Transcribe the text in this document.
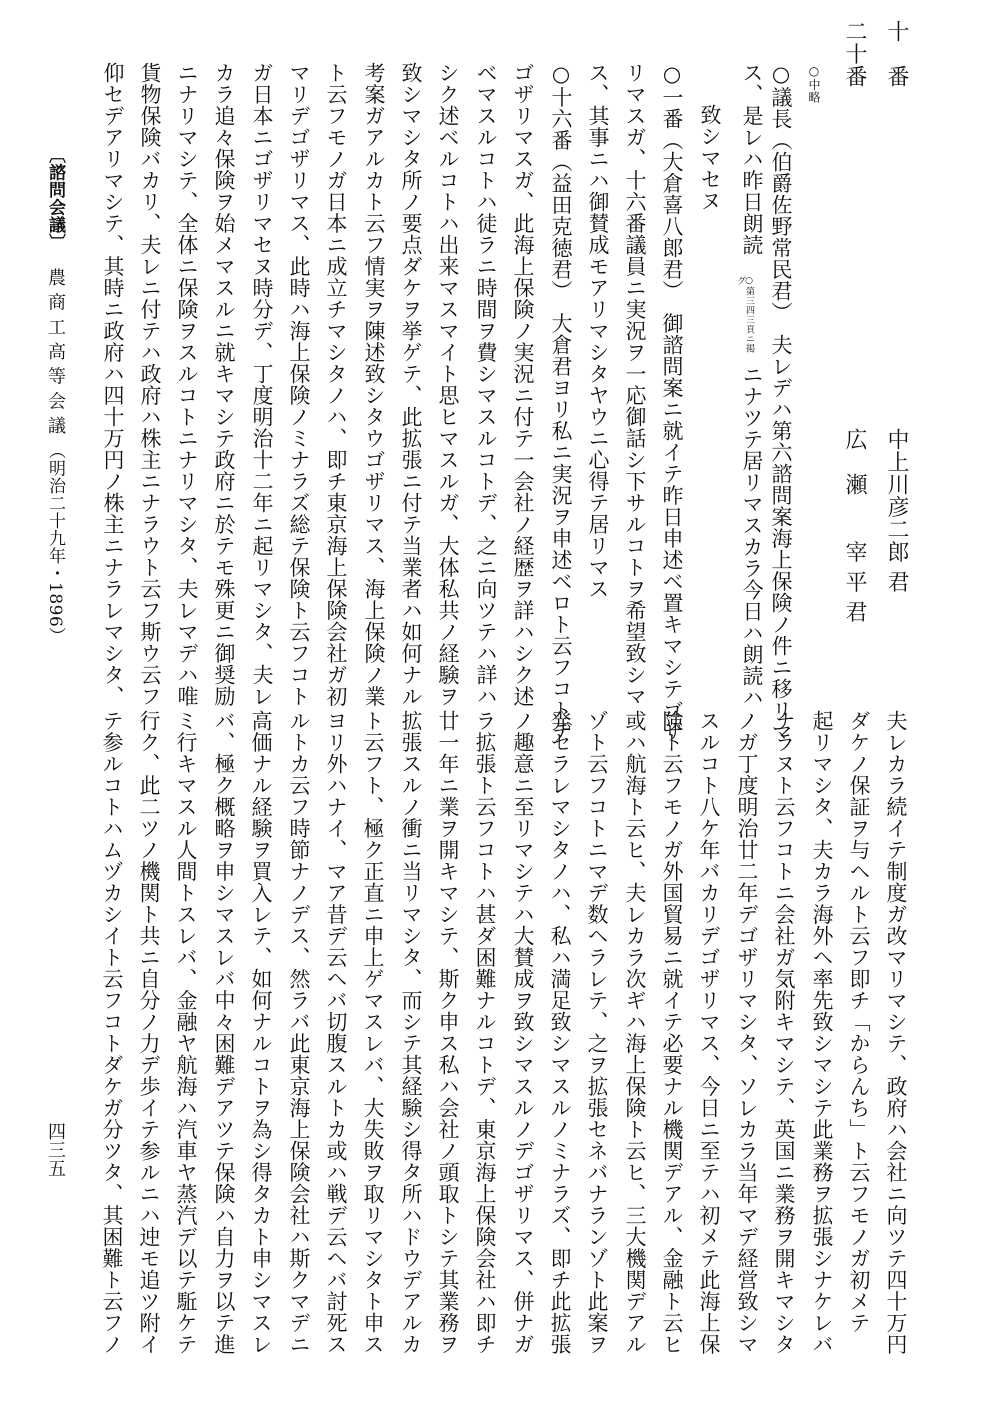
十　番
中上川彦二郎 君
二十番
広　瀬　　宰 平 君
○中略
○議長（伯爵佐野常民君）　夫レデハ第六諮問案海上保険ノ件ニ移リマ
ス、是レハ昨日朗読
○第三四三頁ニ掲グ
ニナツテ居リマスカラ今日ハ朗読ハ
致シマセヌ
○一番（大倉喜八郎君）　御諮問案ニ就イテ昨日申述ベ置キマシテゴザ
リマスガ、十六番議員ニ実況ヲ一応御話シ下サルコトヲ希望致シマ
ス、其事ニハ御賛成モアリマシタヤウニ心得テ居リマス
○十六番（益田克徳君）　大倉君ヨリ私ニ実況ヲ申述ベロト云フコトデ
ゴザリマスガ、此海上保険ノ実況ニ付テ一会社ノ経歴ヲ詳ハシク述
ベマスルコトハ徒ラニ時間ヲ費シマスルコトデ、之ニ向ツテハ詳ハ
シク述ベルコトハ出来マスマイト思ヒマスルガ、大体私共ノ経験ヲ
致シマシタ所ノ要点ダケヲ挙ゲテ、此拡張ニ付テ当業者ハ如何ナル
考案ガアルカト云フ情実ヲ陳述致シタウゴザリマス、海上保険ノ業
ト云フモノガ日本ニ成立チマシタノハ、即チ東京海上保険会社ガ初
マリデゴザリマス、此時ハ海上保険ノミナラズ総テ保険ト云フコト
ガ日本ニゴザリマセヌ時分デ、丁度明治十二年ニ起リマシタ、夫レ
カラ追々保険ヲ始メマスルニ就キマシテ政府ニ於テモ殊更ニ御奨励
ニナリマシテ、全体ニ保険ヲスルコトニナリマシタ、夫レマデハ唯
貨物保険バカリ、夫レニ付テハ政府ハ株主ニナラウト云フ斯ウ云フ
仰セデアリマシテ、其時ニ政府ハ四十万円ノ株主ニナラレマシタ、
夫レカラ続イテ制度ガ改マリマシテ、政府ハ会社ニ向ツテ四十万円
ダケノ保証ヲ与ヘルト云フ即チ「からんち」ト云フモノガ初メテ
起リマシタ、夫カラ海外ヘ率先致シマシテ此業務ヲ拡張シナケレバ
ナラヌト云フコトニ会社ガ気附キマシテ、英国ニ業務ヲ開キマシタ
ノガ丁度明治廿二年デゴザリマシタ、ソレカラ当年マデ経営致シマ
スルコト八ケ年バカリデゴザリマス、今日ニ至テハ初メテ此海上保
険ト云フモノガ外国貿易ニ就イテ必要ナル機関デアル、金融ト云ヒ
或ハ航海ト云ヒ、夫レカラ次ギハ海上保険ト云ヒ、三大機関デアル
ゾト云フコトニマデ数ヘラレテ、之ヲ拡張セネバナランゾト此案ヲ
発セラレマシタノハ、私ハ満足致シマスルノミナラズ、即チ此拡張
ノ趣意ニ至リマシテハ大賛成ヲ致シマスルノデゴザリマス、併ナガ
ラ拡張ト云フコトハ甚ダ困難ナルコトデ、東京海上保険会社ハ即チ
廿一年ニ業ヲ開キマシテ、斯ク申ス私ハ会社ノ頭取トシテ其業務ヲ
拡張スルノ衝ニ当リマシタ、而シテ其経験シ得タ所ハドウデアルカ
ト云フト、極ク正直ニ申上ゲマスレバ、大失敗ヲ取リマシタト申ス
ヨリ外ハナイ、マア昔デ云ヘバ切腹スルトカ或ハ戦デ云ヘバ討死ス
ルトカ云フ時節ナノデス、然ラバ此東京海上保険会社ハ斯クマデニ
高価ナル経験ヲ買入レテ、如何ナルコトヲ為シ得タカト申シマスレ
バ、極ク概略ヲ申シマスレバ中々困難デアツテ保険ハ自力ヲ以テ進
ミ行キマスル人間トスレバ、金融ヤ航海ハ汽車ヤ蒸汽デ以テ駈ケテ
行ク、此二ツノ機関ト共ニ自分ノ力デ歩イテ参ルニハ迚モ追ツ附イ
テ参ルコトハムヅカシイト云フコトダケガ分ツタ、其困難ト云フノ
〔諮問会議〕
農 商 工 高 等 会 議
（明治二十九年・1896）
四三五
